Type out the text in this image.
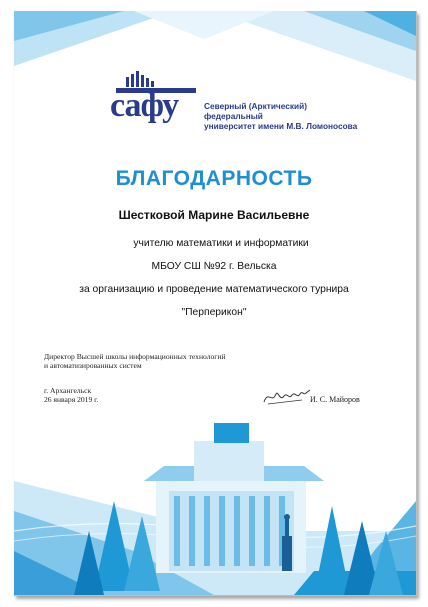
сафу	Северный (Арктический) федеральный
университет имени М.В. Ломоносова
БЛАГОДАРНОСТЬ
Шестковой Марине Васильевне
учителю математики и информатики
МБОУ СШ №92 г. Вельска
за организацию и проведение математического турнира
"Перперикон"
Директор Высшей школы информационных технологий
и автоматизированных систем
г. Архангельск
26 января 2019 г.	И. С. Майоров
